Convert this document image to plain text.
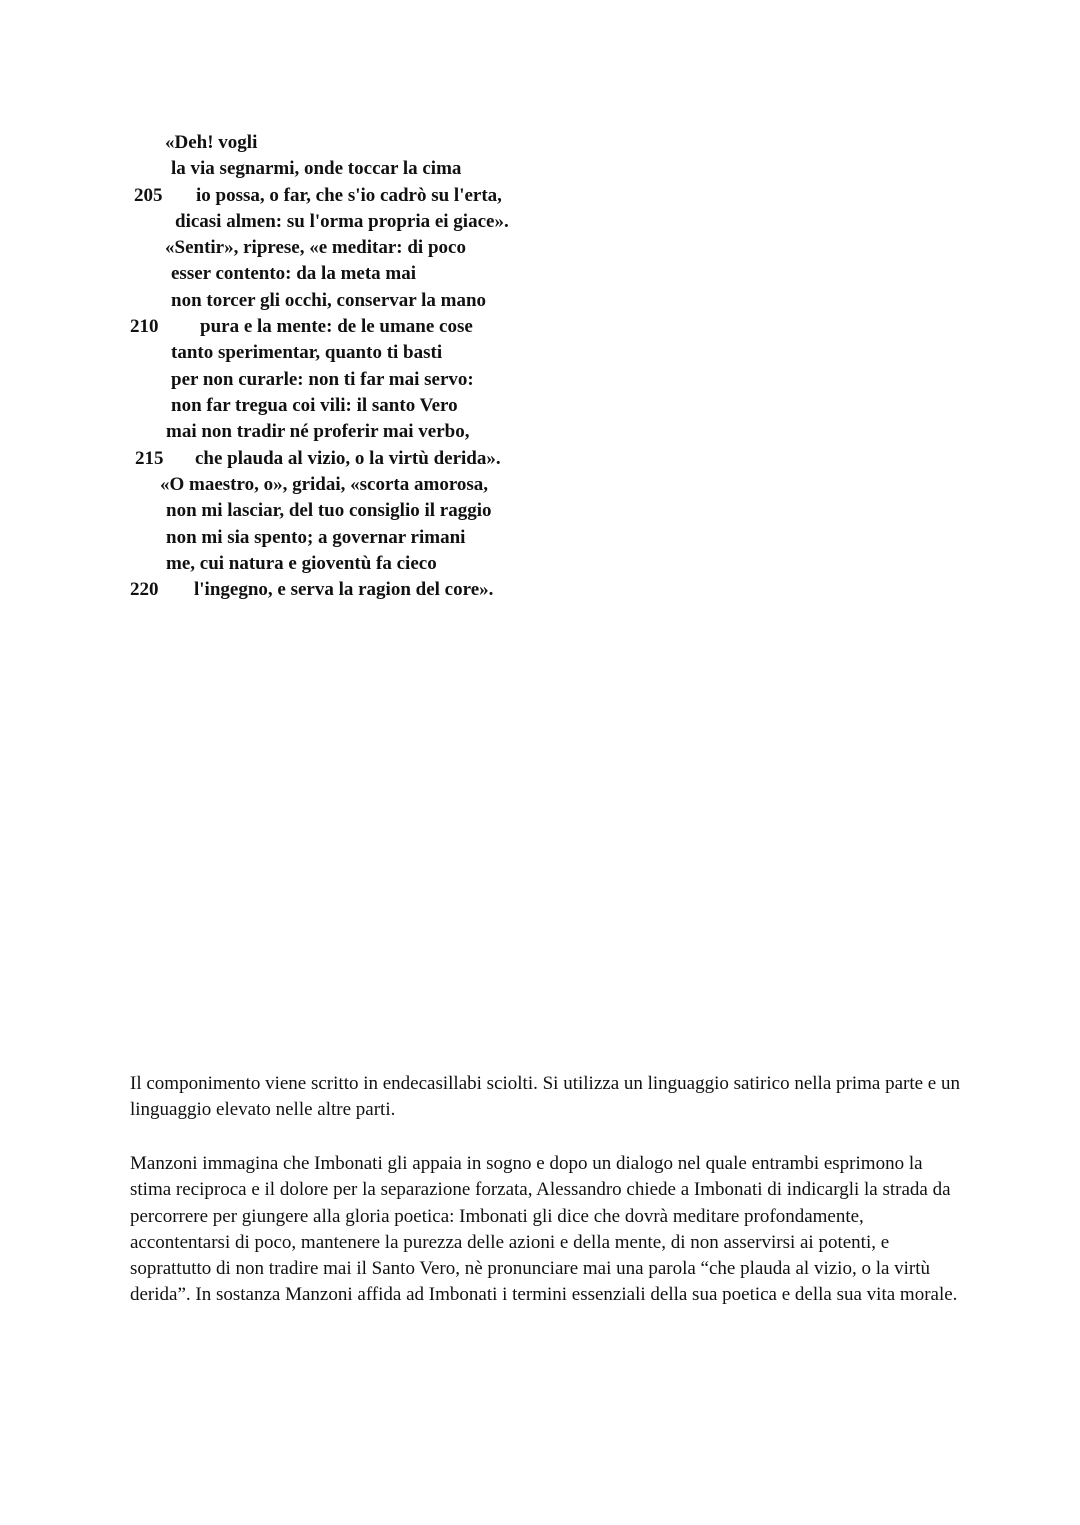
«Deh! vogli
la via segnarmi, onde toccar la cima
205 io possa, o far, che s'io cadrò su l'erta,
dicasi almen: su l'orma propria ei giace».
«Sentir», riprese, «e meditar: di poco
esser contento: da la meta mai
non torcer gli occhi, conservar la mano
210 pura e la mente: de le umane cose
tanto sperimentar, quanto ti basti
per non curarle: non ti far mai servo:
non far tregua coi vili: il santo Vero
mai non tradir né proferir mai verbo,
215 che plauda al vizio, o la virtù derida».
«O maestro, o», gridai, «scorta amorosa,
non mi lasciar, del tuo consiglio il raggio
non mi sia spento; a governar rimani
me, cui natura e gioventù fa cieco
220 l'ingegno, e serva la ragion del core».

Il componimento viene scritto in endecasillabi sciolti. Si utilizza un linguaggio satirico nella prima parte e un linguaggio elevato nelle altre parti.

Manzoni immagina che Imbonati gli appaia in sogno e dopo un dialogo nel quale entrambi esprimono la stima reciproca e il dolore per la separazione forzata, Alessandro chiede a Imbonati di indicargli la strada da percorrere per giungere alla gloria poetica: Imbonati gli dice che dovrà meditare profondamente, accontentarsi di poco, mantenere la purezza delle azioni e della mente, di non asservirsi ai potenti, e soprattutto di non tradire mai il Santo Vero, nè pronunciare mai una parola “che plauda al vizio, o la virtù derida”. In sostanza Manzoni affida ad Imbonati i termini essenziali della sua poetica e della sua vita morale.
